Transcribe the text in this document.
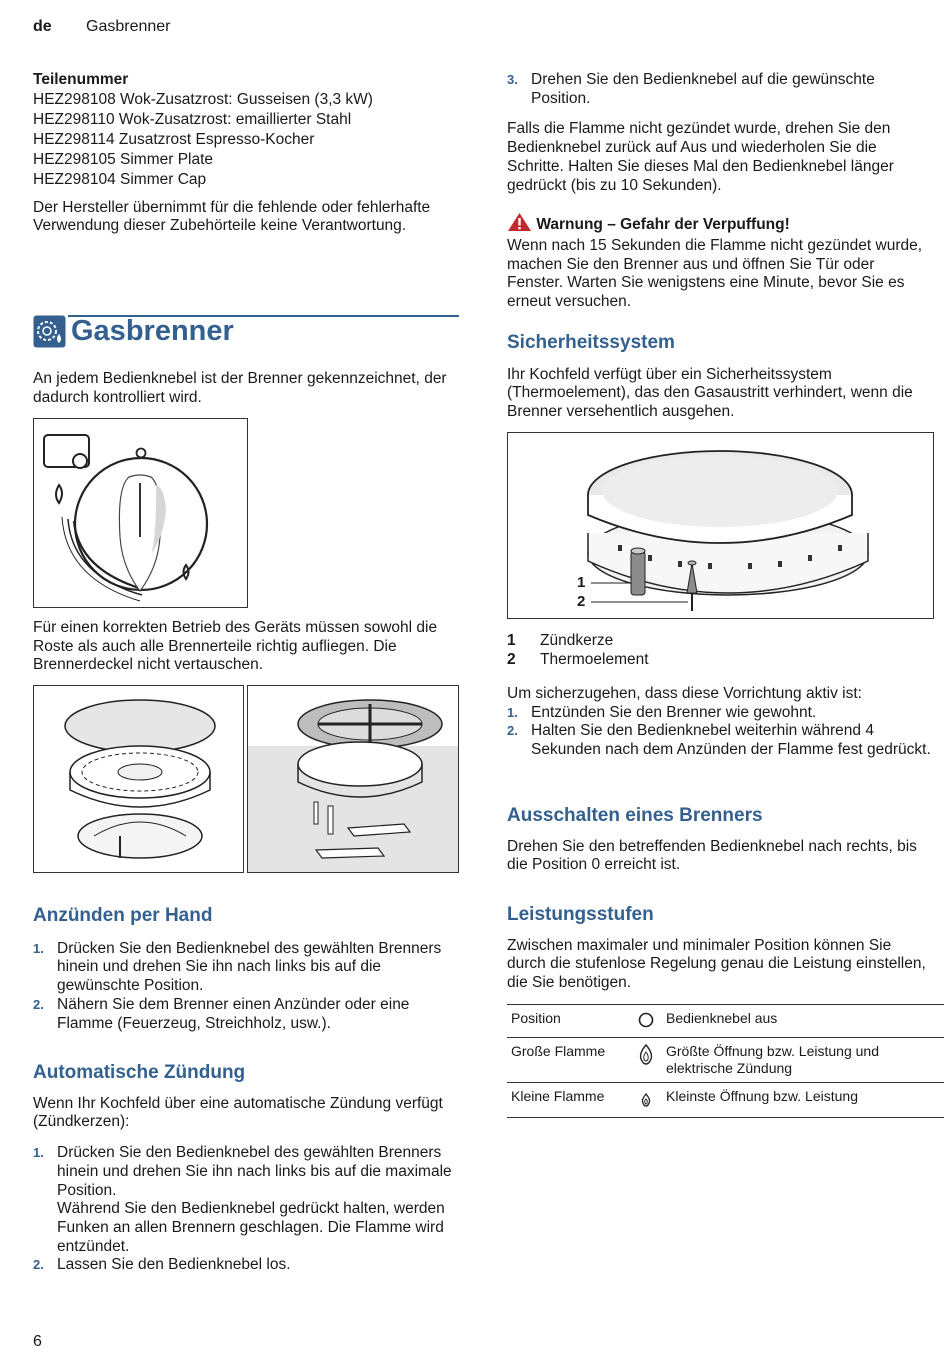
de Gasbrenner

Teilenummer

HEZ298108 Wok-Zusatzrost: Gusseisen (3,3 kW)

HEZ298110 Wok-Zusatzrost: emaillierter Stahl

HEZ298114 Zusatzrost Espresso-Kocher

HEZ298105 Simmer Plate

HEZ298104 Simmer Cap

Der Hersteller übernimmt für die fehlende oder fehlerhafte Verwendung dieser Zubehörteile keine Verantwortung.

Gasbrenner

An jedem Bedienknebel ist der Brenner gekennzeichnet, der dadurch kontrolliert wird.

Für einen korrekten Betrieb des Geräts müssen sowohl die Roste als auch alle Brennerteile richtig aufliegen. Die Brennerdeckel nicht vertauschen.

Anzünden per Hand

1. Drücken Sie den Bedienknebel des gewählten Brenners hinein und drehen Sie ihn nach links bis auf die gewünschte Position.
2. Nähern Sie dem Brenner einen Anzünder oder eine Flamme (Feuerzeug, Streichholz, usw.).

Automatische Zündung

Wenn Ihr Kochfeld über eine automatische Zündung verfügt (Zündkerzen):

1. Drücken Sie den Bedienknebel des gewählten Brenners hinein und drehen Sie ihn nach links bis auf die maximale Position.
Während Sie den Bedienknebel gedrückt halten, werden Funken an allen Brennern geschlagen. Die Flamme wird entzündet.
2. Lassen Sie den Bedienknebel los.
3. Drehen Sie den Bedienknebel auf die gewünschte Position.

Falls die Flamme nicht gezündet wurde, drehen Sie den Bedienknebel zurück auf Aus und wiederholen Sie die Schritte. Halten Sie dieses Mal den Bedienknebel länger gedrückt (bis zu 10 Sekunden).

Warnung – Gefahr der Verpuffung!

Wenn nach 15 Sekunden die Flamme nicht gezündet wurde, machen Sie den Brenner aus und öffnen Sie Tür oder Fenster. Warten Sie wenigstens eine Minute, bevor Sie es erneut versuchen.

Sicherheitssystem

Ihr Kochfeld verfügt über ein Sicherheitssystem (Thermoelement), das den Gasaustritt verhindert, wenn die Brenner versehentlich ausgehen.

1
2
1 Zündkerze
2 Thermoelement

Um sicherzugehen, dass diese Vorrichtung aktiv ist:

1. Entzünden Sie den Brenner wie gewohnt.
2. Halten Sie den Bedienknebel weiterhin während 4 Sekunden nach dem Anzünden der Flamme fest gedrückt.

Ausschalten eines Brenners

Drehen Sie den betreffenden Bedienknebel nach rechts, bis die Position 0 erreicht ist.

Leistungsstufen

Zwischen maximaler und minimaler Position können Sie durch die stufenlose Regelung genau die Leistung einstellen, die Sie benötigen.

Position		Bedienknebel aus
Große Flamme		Größte Öffnung bzw. Leistung und elektrische Zündung
Kleine Flamme		Kleinste Öffnung bzw. Leistung
6
